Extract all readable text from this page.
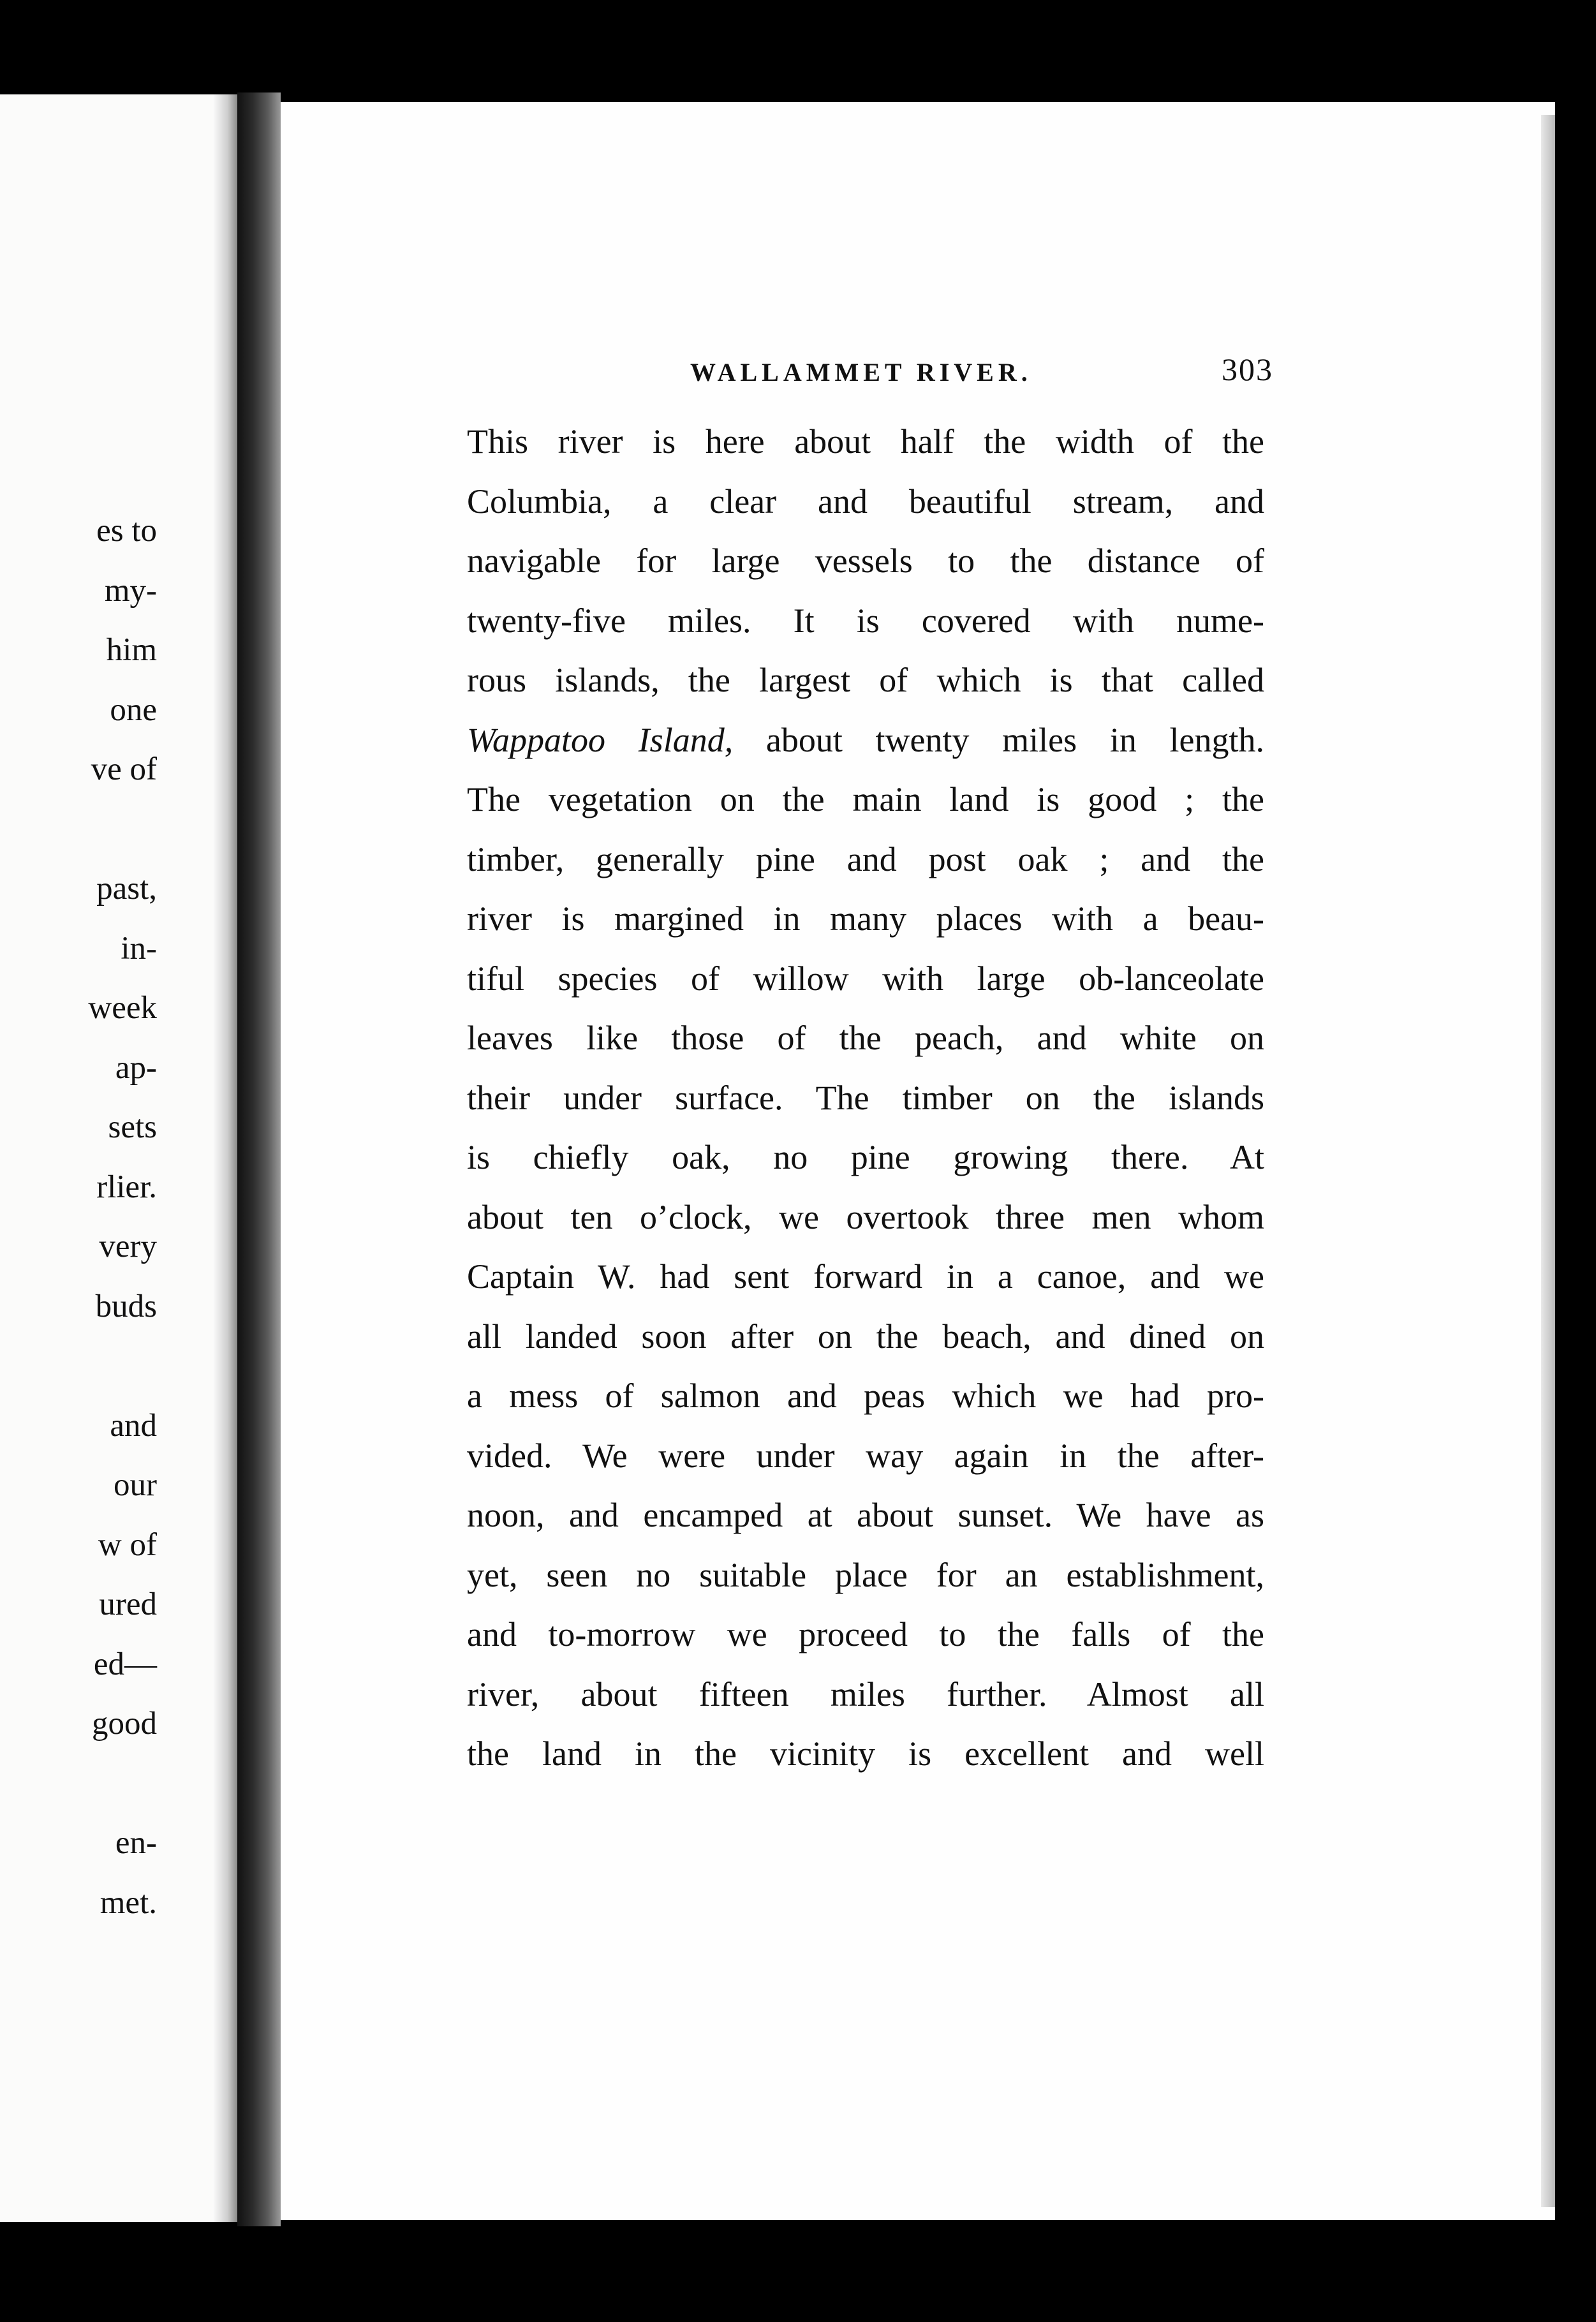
es to
my-
him
one
ve of
past,
in-
week
ap-
sets
rlier.
very
buds
and
our
w of
ured
ed—
good
en-
met.
WALLAMMET RIVER.	303
This river is here about half the width of the
Columbia, a clear and beautiful stream, and
navigable for large vessels to the distance of
twenty-five miles. It is covered with nume-
rous islands, the largest of which is that called
Wappatoo Island, about twenty miles in length.
The vegetation on the main land is good ; the
timber, generally pine and post oak ; and the
river is margined in many places with a beau-
tiful species of willow with large ob-lanceolate
leaves like those of the peach, and white on
their under surface. The timber on the islands
is chiefly oak, no pine growing there. At
about ten o’clock, we overtook three men whom
Captain W. had sent forward in a canoe, and we
all landed soon after on the beach, and dined on
a mess of salmon and peas which we had pro-
vided. We were under way again in the after-
noon, and encamped at about sunset. We have as
yet, seen no suitable place for an establishment,
and to-morrow we proceed to the falls of the
river, about fifteen miles further. Almost all
the land in the vicinity is excellent and well
